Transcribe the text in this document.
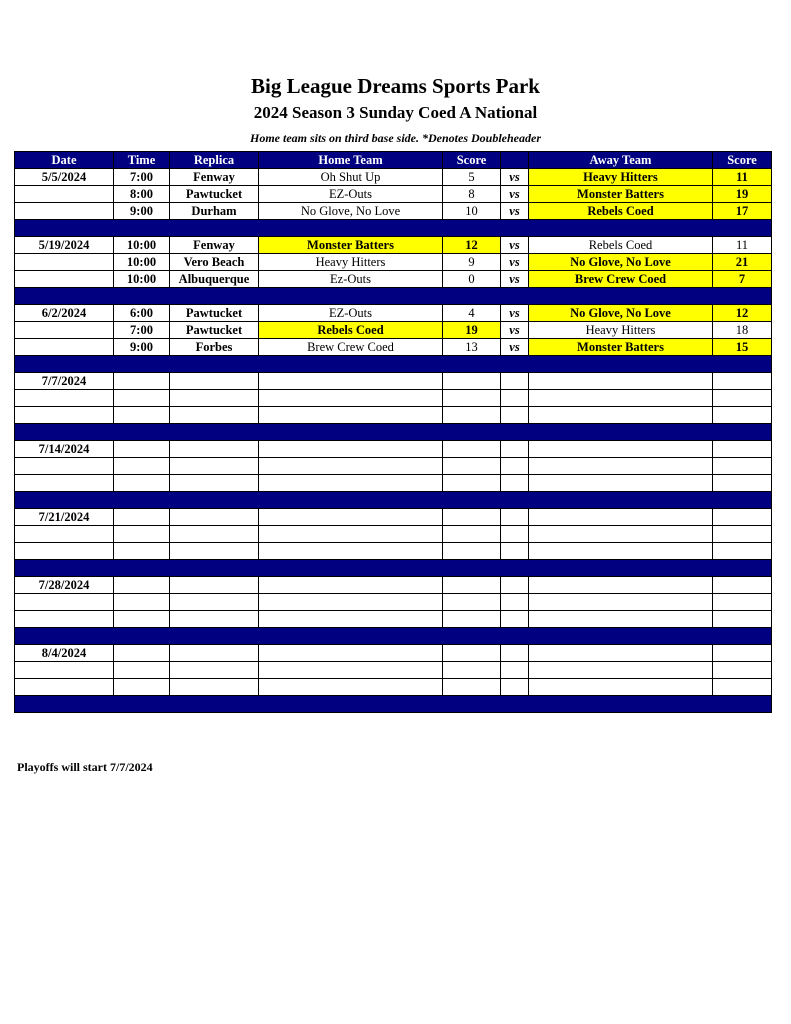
Big League Dreams Sports Park
2024 Season 3 Sunday Coed A National
Home team sits on third base side. *Denotes Doubleheader
Date	Time	Replica	Home Team	Score		Away Team	Score
5/5/2024	7:00	Fenway	Oh Shut Up	5	vs	Heavy Hitters	11
	8:00	Pawtucket	EZ-Outs	8	vs	Monster Batters	19
	9:00	Durham	No Glove, No Love	10	vs	Rebels Coed	17

5/19/2024	10:00	Fenway	Monster Batters	12	vs	Rebels Coed	11
	10:00	Vero Beach	Heavy Hitters	9	vs	No Glove, No Love	21
	10:00	Albuquerque	Ez-Outs	0	vs	Brew Crew Coed	7

6/2/2024	6:00	Pawtucket	EZ-Outs	4	vs	No Glove, No Love	12
	7:00	Pawtucket	Rebels Coed	19	vs	Heavy Hitters	18
	9:00	Forbes	Brew Crew Coed	13	vs	Monster Batters	15

7/7/2024							

7/14/2024							

7/21/2024							

7/28/2024							

8/4/2024							

Playoffs will start 7/7/2024
